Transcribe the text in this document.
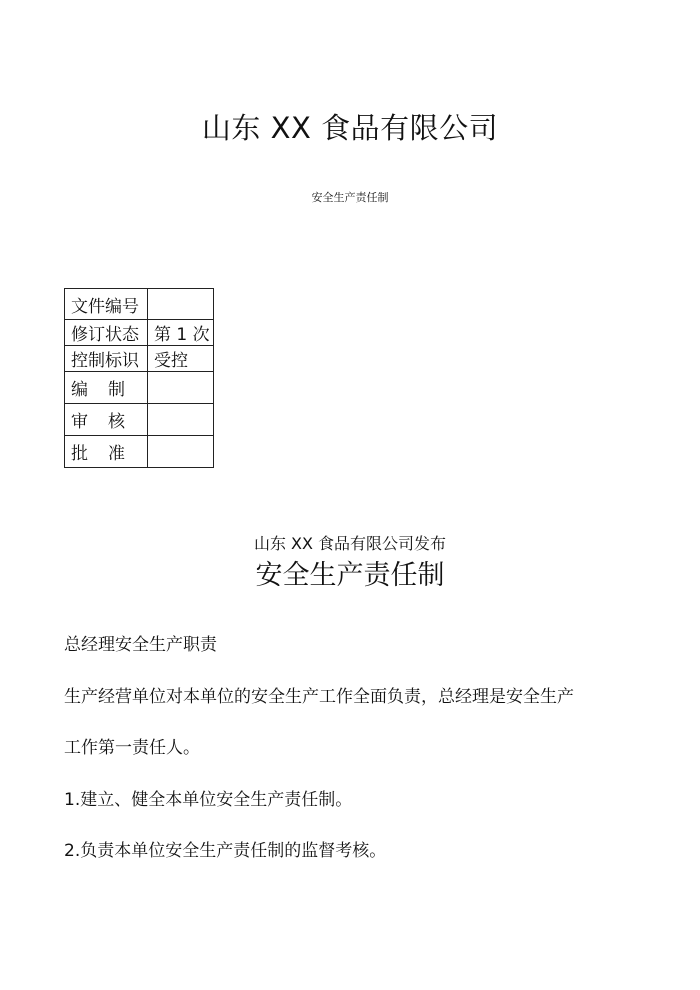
山东 XX 食品有限公司
安全生产责任制
文件编号	
修订状态	第 1 次
控制标识	受控
编制	
审核	
批准	
山东 XX 食品有限公司发布
安全生产责任制
总经理安全生产职责
生产经营单位对本单位的安全生产工作全面负责，总经理是安全生产
工作第一责任人。
1.建立、健全本单位安全生产责任制。
2.负责本单位安全生产责任制的监督考核。
